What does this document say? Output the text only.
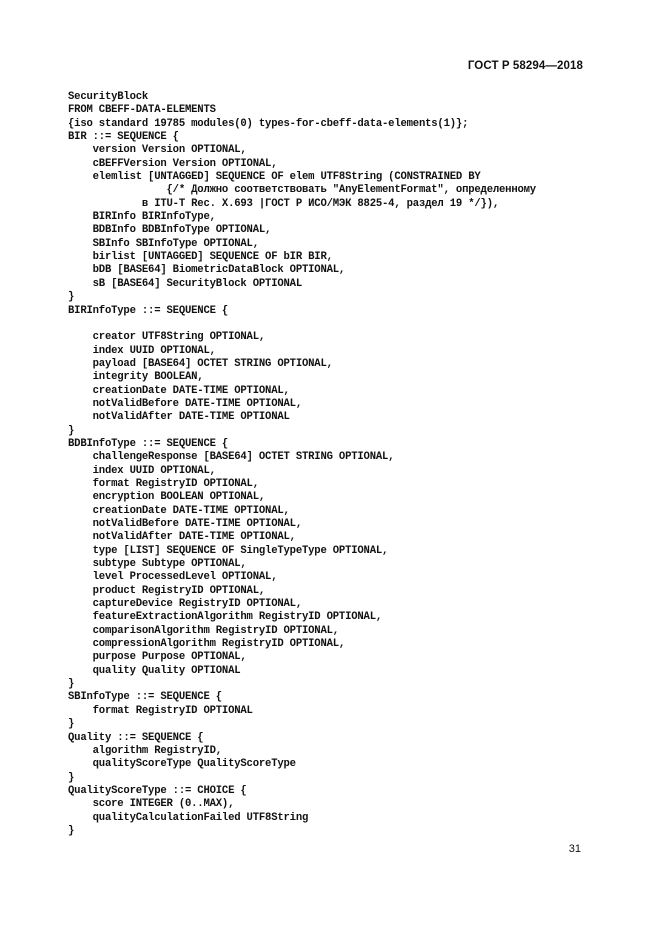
ГОСТ Р 58294—2018
SecurityBlock
FROM CBEFF-DATA-ELEMENTS
{iso standard 19785 modules(0) types-for-cbeff-data-elements(1)};
BIR ::= SEQUENCE {
version Version OPTIONAL,
cBEFFVersion Version OPTIONAL,
elemlist [UNTAGGED] SEQUENCE OF elem UTF8String (CONSTRAINED BY
{/* Должно соответствовать "AnyElementFormat", определенному
в ITU-T Rec. X.693 |ГОСТ Р ИСО/МЭК 8825-4, раздел 19 */}),
BIRInfo BIRInfoType,
BDBInfo BDBInfoType OPTIONAL,
SBInfo SBInfoType OPTIONAL,
birlist [UNTAGGED] SEQUENCE OF bIR BIR,
bDB [BASE64] BiometricDataBlock OPTIONAL,
sB [BASE64] SecurityBlock OPTIONAL
}
BIRInfoType ::= SEQUENCE {
creator UTF8String OPTIONAL,
index UUID OPTIONAL,
payload [BASE64] OCTET STRING OPTIONAL,
integrity BOOLEAN,
creationDate DATE-TIME OPTIONAL,
notValidBefore DATE-TIME OPTIONAL,
notValidAfter DATE-TIME OPTIONAL
}
BDBInfoType ::= SEQUENCE {
challengeResponse [BASE64] OCTET STRING OPTIONAL,
index UUID OPTIONAL,
format RegistryID OPTIONAL,
encryption BOOLEAN OPTIONAL,
creationDate DATE-TIME OPTIONAL,
notValidBefore DATE-TIME OPTIONAL,
notValidAfter DATE-TIME OPTIONAL,
type [LIST] SEQUENCE OF SingleTypeType OPTIONAL,
subtype Subtype OPTIONAL,
level ProcessedLevel OPTIONAL,
product RegistryID OPTIONAL,
captureDevice RegistryID OPTIONAL,
featureExtractionAlgorithm RegistryID OPTIONAL,
comparisonAlgorithm RegistryID OPTIONAL,
compressionAlgorithm RegistryID OPTIONAL,
purpose Purpose OPTIONAL,
quality Quality OPTIONAL
}
SBInfoType ::= SEQUENCE {
format RegistryID OPTIONAL
}
Quality ::= SEQUENCE {
algorithm RegistryID,
qualityScoreType QualityScoreType
}
QualityScoreType ::= CHOICE {
score INTEGER (0..MAX),
qualityCalculationFailed UTF8String
}
31
